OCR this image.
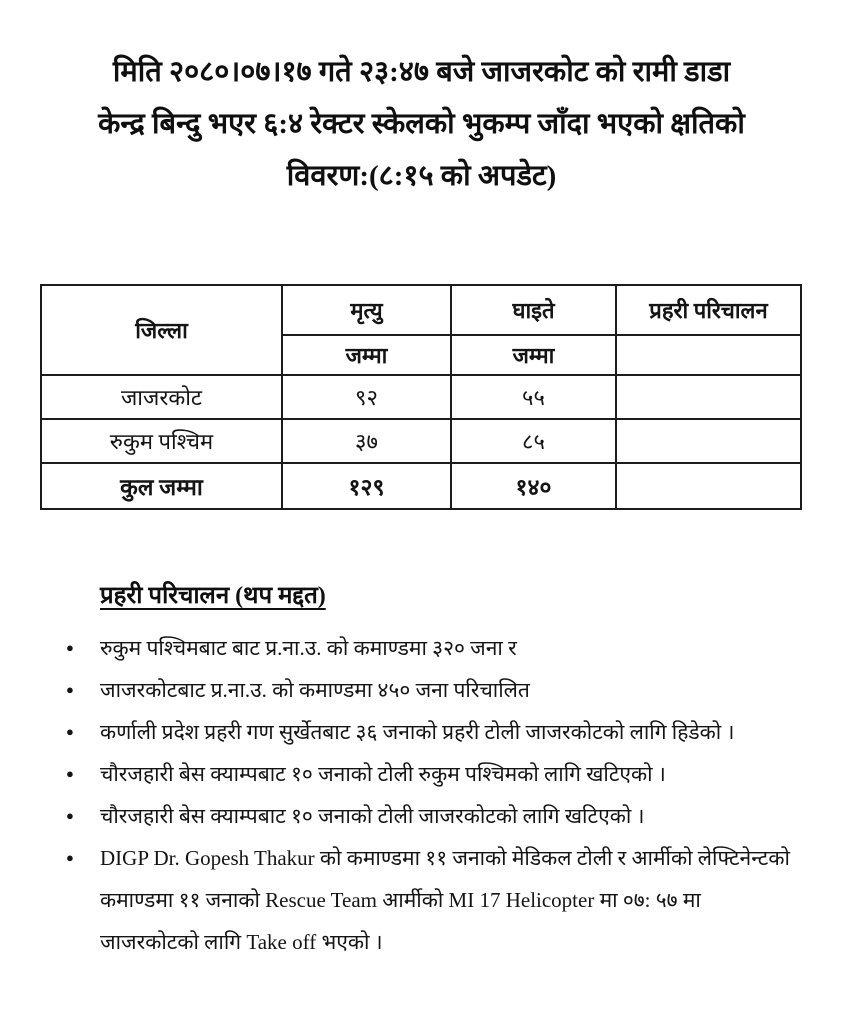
मिति २०८०।०७।१७ गते २३:४७ बजे जाजरकोट को रामी डाडा
केन्द्र बिन्दु भएर ६:४ रेक्टर स्केलको भुकम्प जाँदा भएको क्षतिको
विवरण:(८:१५ को अपडेट)
जिल्ला	मृत्यु	घाइते	प्रहरी परिचालन
	जम्मा	जम्मा	
जाजरकोट	९२	५५	
रुकुम पश्चिम	३७	८५	
कुल जम्मा	१२९	१४०	
प्रहरी परिचालन (थप मद्दत)
● रुकुम पश्चिमबाट बाट प्र.ना.उ. को कमाण्डमा ३२० जना र
● जाजरकोटबाट प्र.ना.उ. को कमाण्डमा ४५० जना परिचालित
● कर्णाली प्रदेश प्रहरी गण सुर्खेतबाट ३६ जनाको प्रहरी टोली जाजरकोटको लागि हिडेको ।
● चौरजहारी बेस क्याम्पबाट १० जनाको टोली रुकुम पश्चिमको लागि खटिएको ।
● चौरजहारी बेस क्याम्पबाट १० जनाको टोली जाजरकोटको लागि खटिएको ।
● DIGP Dr. Gopesh Thakur को कमाण्डमा ११ जनाको मेडिकल टोली र आर्मीको लेफ्टिनेन्टको कमाण्डमा ११ जनाको Rescue Team आर्मीको MI 17 Helicopter मा ०७: ५७ मा जाजरकोटको लागि Take off भएको ।
